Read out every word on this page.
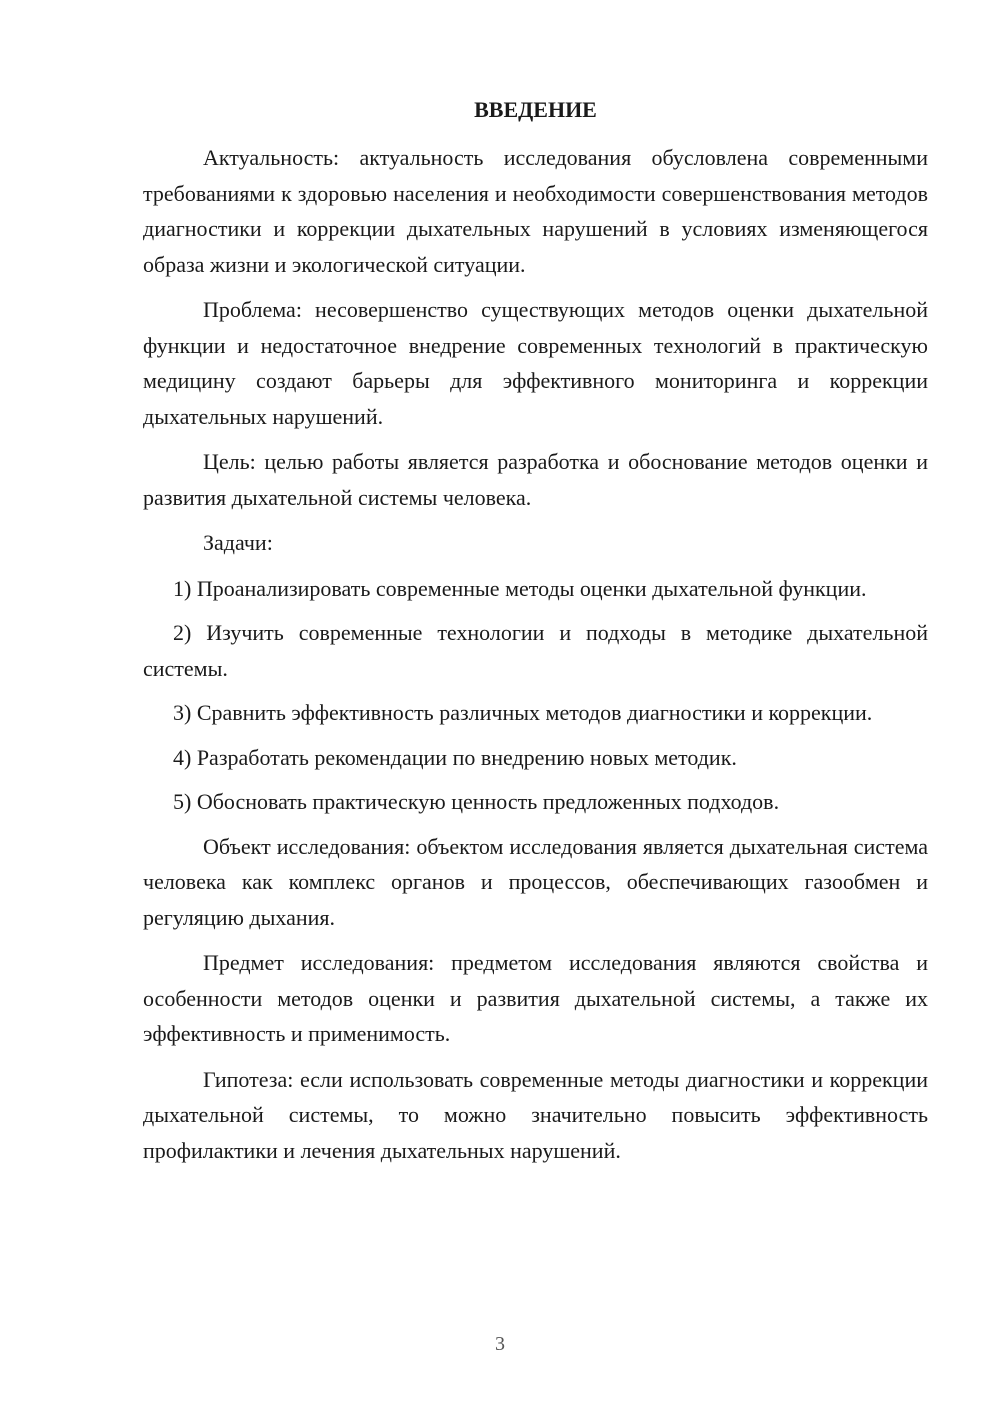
ВВЕДЕНИЕ

Актуальность: актуальность исследования обусловлена современными требованиями к здоровью населения и необходимости совершенствования методов диагностики и коррекции дыхательных нарушений в условиях изменяющегося образа жизни и экологической ситуации.

Проблема: несовершенство существующих методов оценки дыхательной функции и недостаточное внедрение современных технологий в практическую медицину создают барьеры для эффективного мониторинга и коррекции дыхательных нарушений.

Цель: целью работы является разработка и обоснование методов оценки и развития дыхательной системы человека.

Задачи:

1) Проанализировать современные методы оценки дыхательной функции.

2) Изучить современные технологии и подходы в методике дыхательной системы.

3) Сравнить эффективность различных методов диагностики и коррекции.

4) Разработать рекомендации по внедрению новых методик.

5) Обосновать практическую ценность предложенных подходов.

Объект исследования: объектом исследования является дыхательная система человека как комплекс органов и процессов, обеспечивающих газообмен и регуляцию дыхания.

Предмет исследования: предметом исследования являются свойства и особенности методов оценки и развития дыхательной системы, а также их эффективность и применимость.

Гипотеза: если использовать современные методы диагностики и коррекции дыхательной системы, то можно значительно повысить эффективность профилактики и лечения дыхательных нарушений.

3
